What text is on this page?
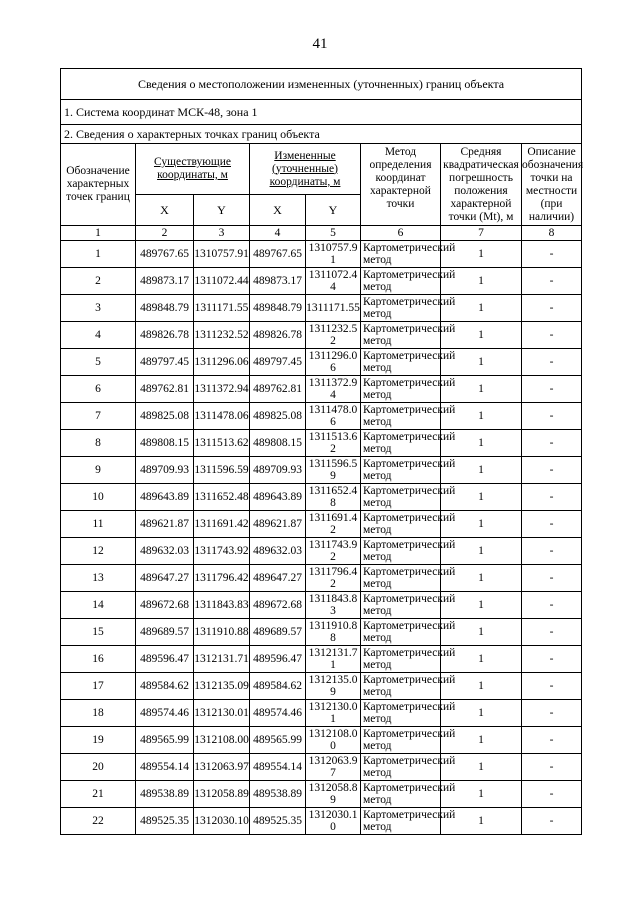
41
Сведения о местоположении измененных (уточненных) границ объекта							
1. Система координат МСК-48, зона 1							
2. Сведения о характерных точках границ объекта							
Обозначение характерных точек границ	Существующие координаты, м		Измененные (уточненные) координаты, м		Метод определения координат характерной точки	Средняя квадратическая погрешность положения характерной точки (Mt), м	Описание обозначения точки на местности (при наличии)
	X	Y	X	Y			
1	2	3	4	5	6	7	8
1	489767.65	1310757.91	489767.65	1310757.91	Картометрический метод	1	-
2	489873.17	1311072.44	489873.17	1311072.44	Картометрический метод	1	-
3	489848.79	1311171.55	489848.79	1311171.55	Картометрический метод	1	-
4	489826.78	1311232.52	489826.78	1311232.52	Картометрический метод	1	-
5	489797.45	1311296.06	489797.45	1311296.06	Картометрический метод	1	-
6	489762.81	1311372.94	489762.81	1311372.94	Картометрический метод	1	-
7	489825.08	1311478.06	489825.08	1311478.06	Картометрический метод	1	-
8	489808.15	1311513.62	489808.15	1311513.62	Картометрический метод	1	-
9	489709.93	1311596.59	489709.93	1311596.59	Картометрический метод	1	-
10	489643.89	1311652.48	489643.89	1311652.48	Картометрический метод	1	-
11	489621.87	1311691.42	489621.87	1311691.42	Картометрический метод	1	-
12	489632.03	1311743.92	489632.03	1311743.92	Картометрический метод	1	-
13	489647.27	1311796.42	489647.27	1311796.42	Картометрический метод	1	-
14	489672.68	1311843.83	489672.68	1311843.83	Картометрический метод	1	-
15	489689.57	1311910.88	489689.57	1311910.88	Картометрический метод	1	-
16	489596.47	1312131.71	489596.47	1312131.71	Картометрический метод	1	-
17	489584.62	1312135.09	489584.62	1312135.09	Картометрический метод	1	-
18	489574.46	1312130.01	489574.46	1312130.01	Картометрический метод	1	-
19	489565.99	1312108.00	489565.99	1312108.00	Картометрический метод	1	-
20	489554.14	1312063.97	489554.14	1312063.97	Картометрический метод	1	-
21	489538.89	1312058.89	489538.89	1312058.89	Картометрический метод	1	-
22	489525.35	1312030.10	489525.35	1312030.10	Картометрический метод	1	-
